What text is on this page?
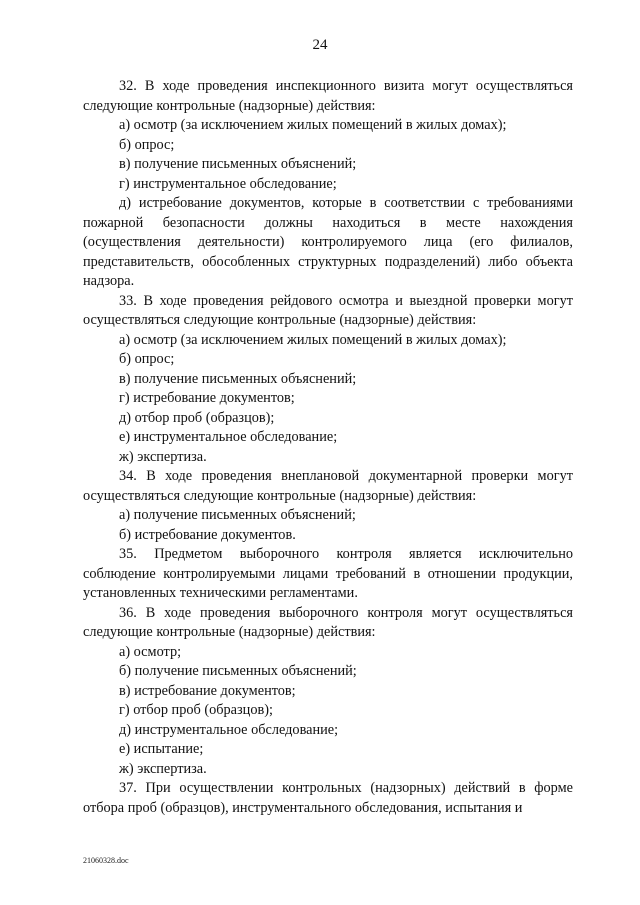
24

32. В ходе проведения инспекционного визита могут осуществляться следующие контрольные (надзорные) действия:

а) осмотр (за исключением жилых помещений в жилых домах);

б) опрос;

в) получение письменных объяснений;

г) инструментальное обследование;

д) истребование документов, которые в соответствии с требованиями пожарной безопасности должны находиться в месте нахождения (осуществления деятельности) контролируемого лица (его филиалов, представительств, обособленных структурных подразделений) либо объекта надзора.

33. В ходе проведения рейдового осмотра и выездной проверки могут осуществляться следующие контрольные (надзорные) действия:

а) осмотр (за исключением жилых помещений в жилых домах);

б) опрос;

в) получение письменных объяснений;

г) истребование документов;

д) отбор проб (образцов);

е) инструментальное обследование;

ж) экспертиза.

34. В ходе проведения внеплановой документарной проверки могут осуществляться следующие контрольные (надзорные) действия:

а) получение письменных объяснений;

б) истребование документов.

35. Предметом выборочного контроля является исключительно соблюдение контролируемыми лицами требований в отношении продукции, установленных техническими регламентами.

36. В ходе проведения выборочного контроля могут осуществляться следующие контрольные (надзорные) действия:

а) осмотр;

б) получение письменных объяснений;

в) истребование документов;

г) отбор проб (образцов);

д) инструментальное обследование;

е) испытание;

ж) экспертиза.

37. При осуществлении контрольных (надзорных) действий в форме отбора проб (образцов), инструментального обследования, испытания и

21060328.doc
